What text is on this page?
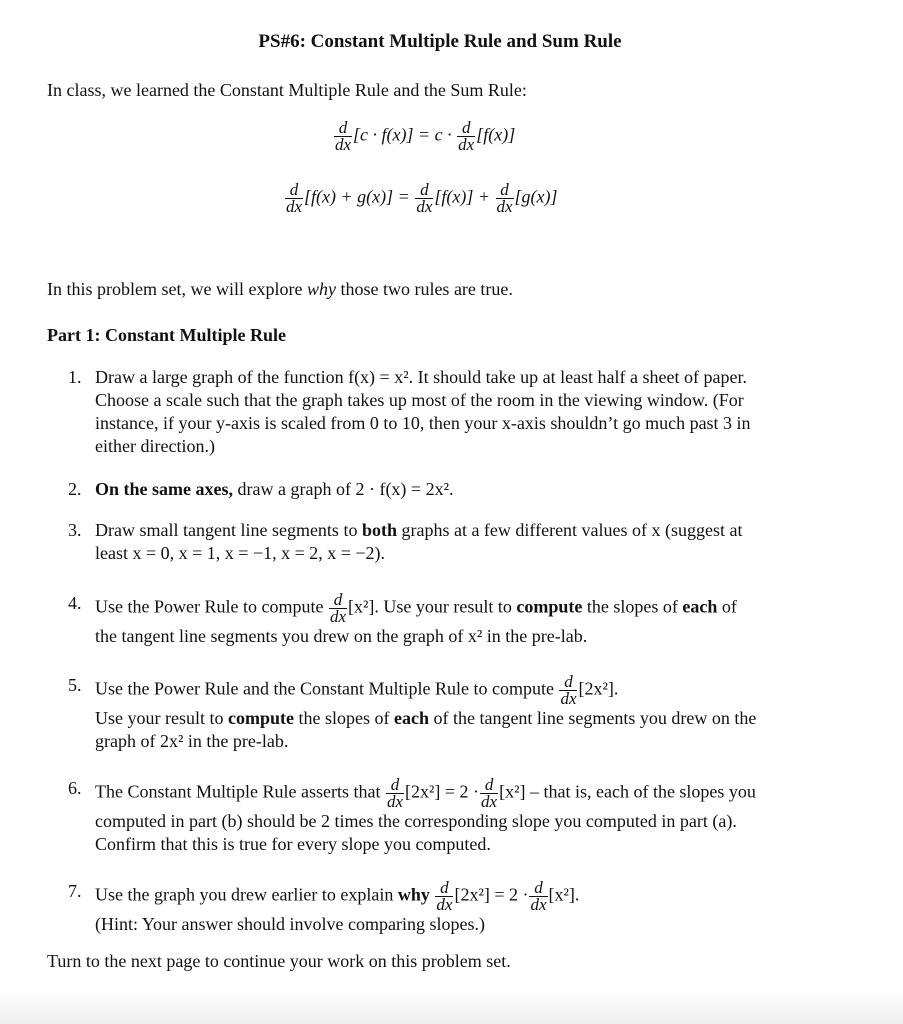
PS#6: Constant Multiple Rule and Sum Rule
In class, we learned the Constant Multiple Rule and the Sum Rule:
$\frac{d}{dx} [c \cdot f(x)] = c \cdot \frac{d}{dx} [f(x)]$
$\frac{d}{dx} [f(x) + g(x)] = \frac{d}{dx} [f(x)] + \frac{d}{dx} [g(x)]$
In this problem set, we will explore why those two rules are true.
Part 1: Constant Multiple Rule
1. Draw a large graph of the function f(x) = x². It should take up at least half a sheet of paper.
Choose a scale such that the graph takes up most of the room in the viewing window. (For
instance, if your y-axis is scaled from 0 to 10, then your x-axis shouldn’t go much past 3 in
either direction.)
2. On the same axes, draw a graph of 2 · f(x) = 2x².
3. Draw small tangent line segments to both graphs at a few different values of x (suggest at
least x = 0, x = 1, x = −1, x = 2, x = −2).
4. Use the Power Rule to compute $\frac{d}{dx} [x^2]$. Use your result to compute the slopes of each of
the tangent line segments you drew on the graph of x² in the pre-lab.
5. Use the Power Rule and the Constant Multiple Rule to compute $\frac{d}{dx} [2x^2]$.
Use your result to compute the slopes of each of the tangent line segments you drew on the
graph of 2x² in the pre-lab.
6. The Constant Multiple Rule asserts that $\frac{d}{dx} [2x^2] = 2 \cdot \frac{d}{dx} [x^2]$ – that is, each of the slopes you
computed in part (b) should be 2 times the corresponding slope you computed in part (a).
Confirm that this is true for every slope you computed.
7. Use the graph you drew earlier to explain why $\frac{d}{dx} [2x^2] = 2 \cdot \frac{d}{dx} [x^2]$.
(Hint: Your answer should involve comparing slopes.)
Turn to the next page to continue your work on this problem set.
